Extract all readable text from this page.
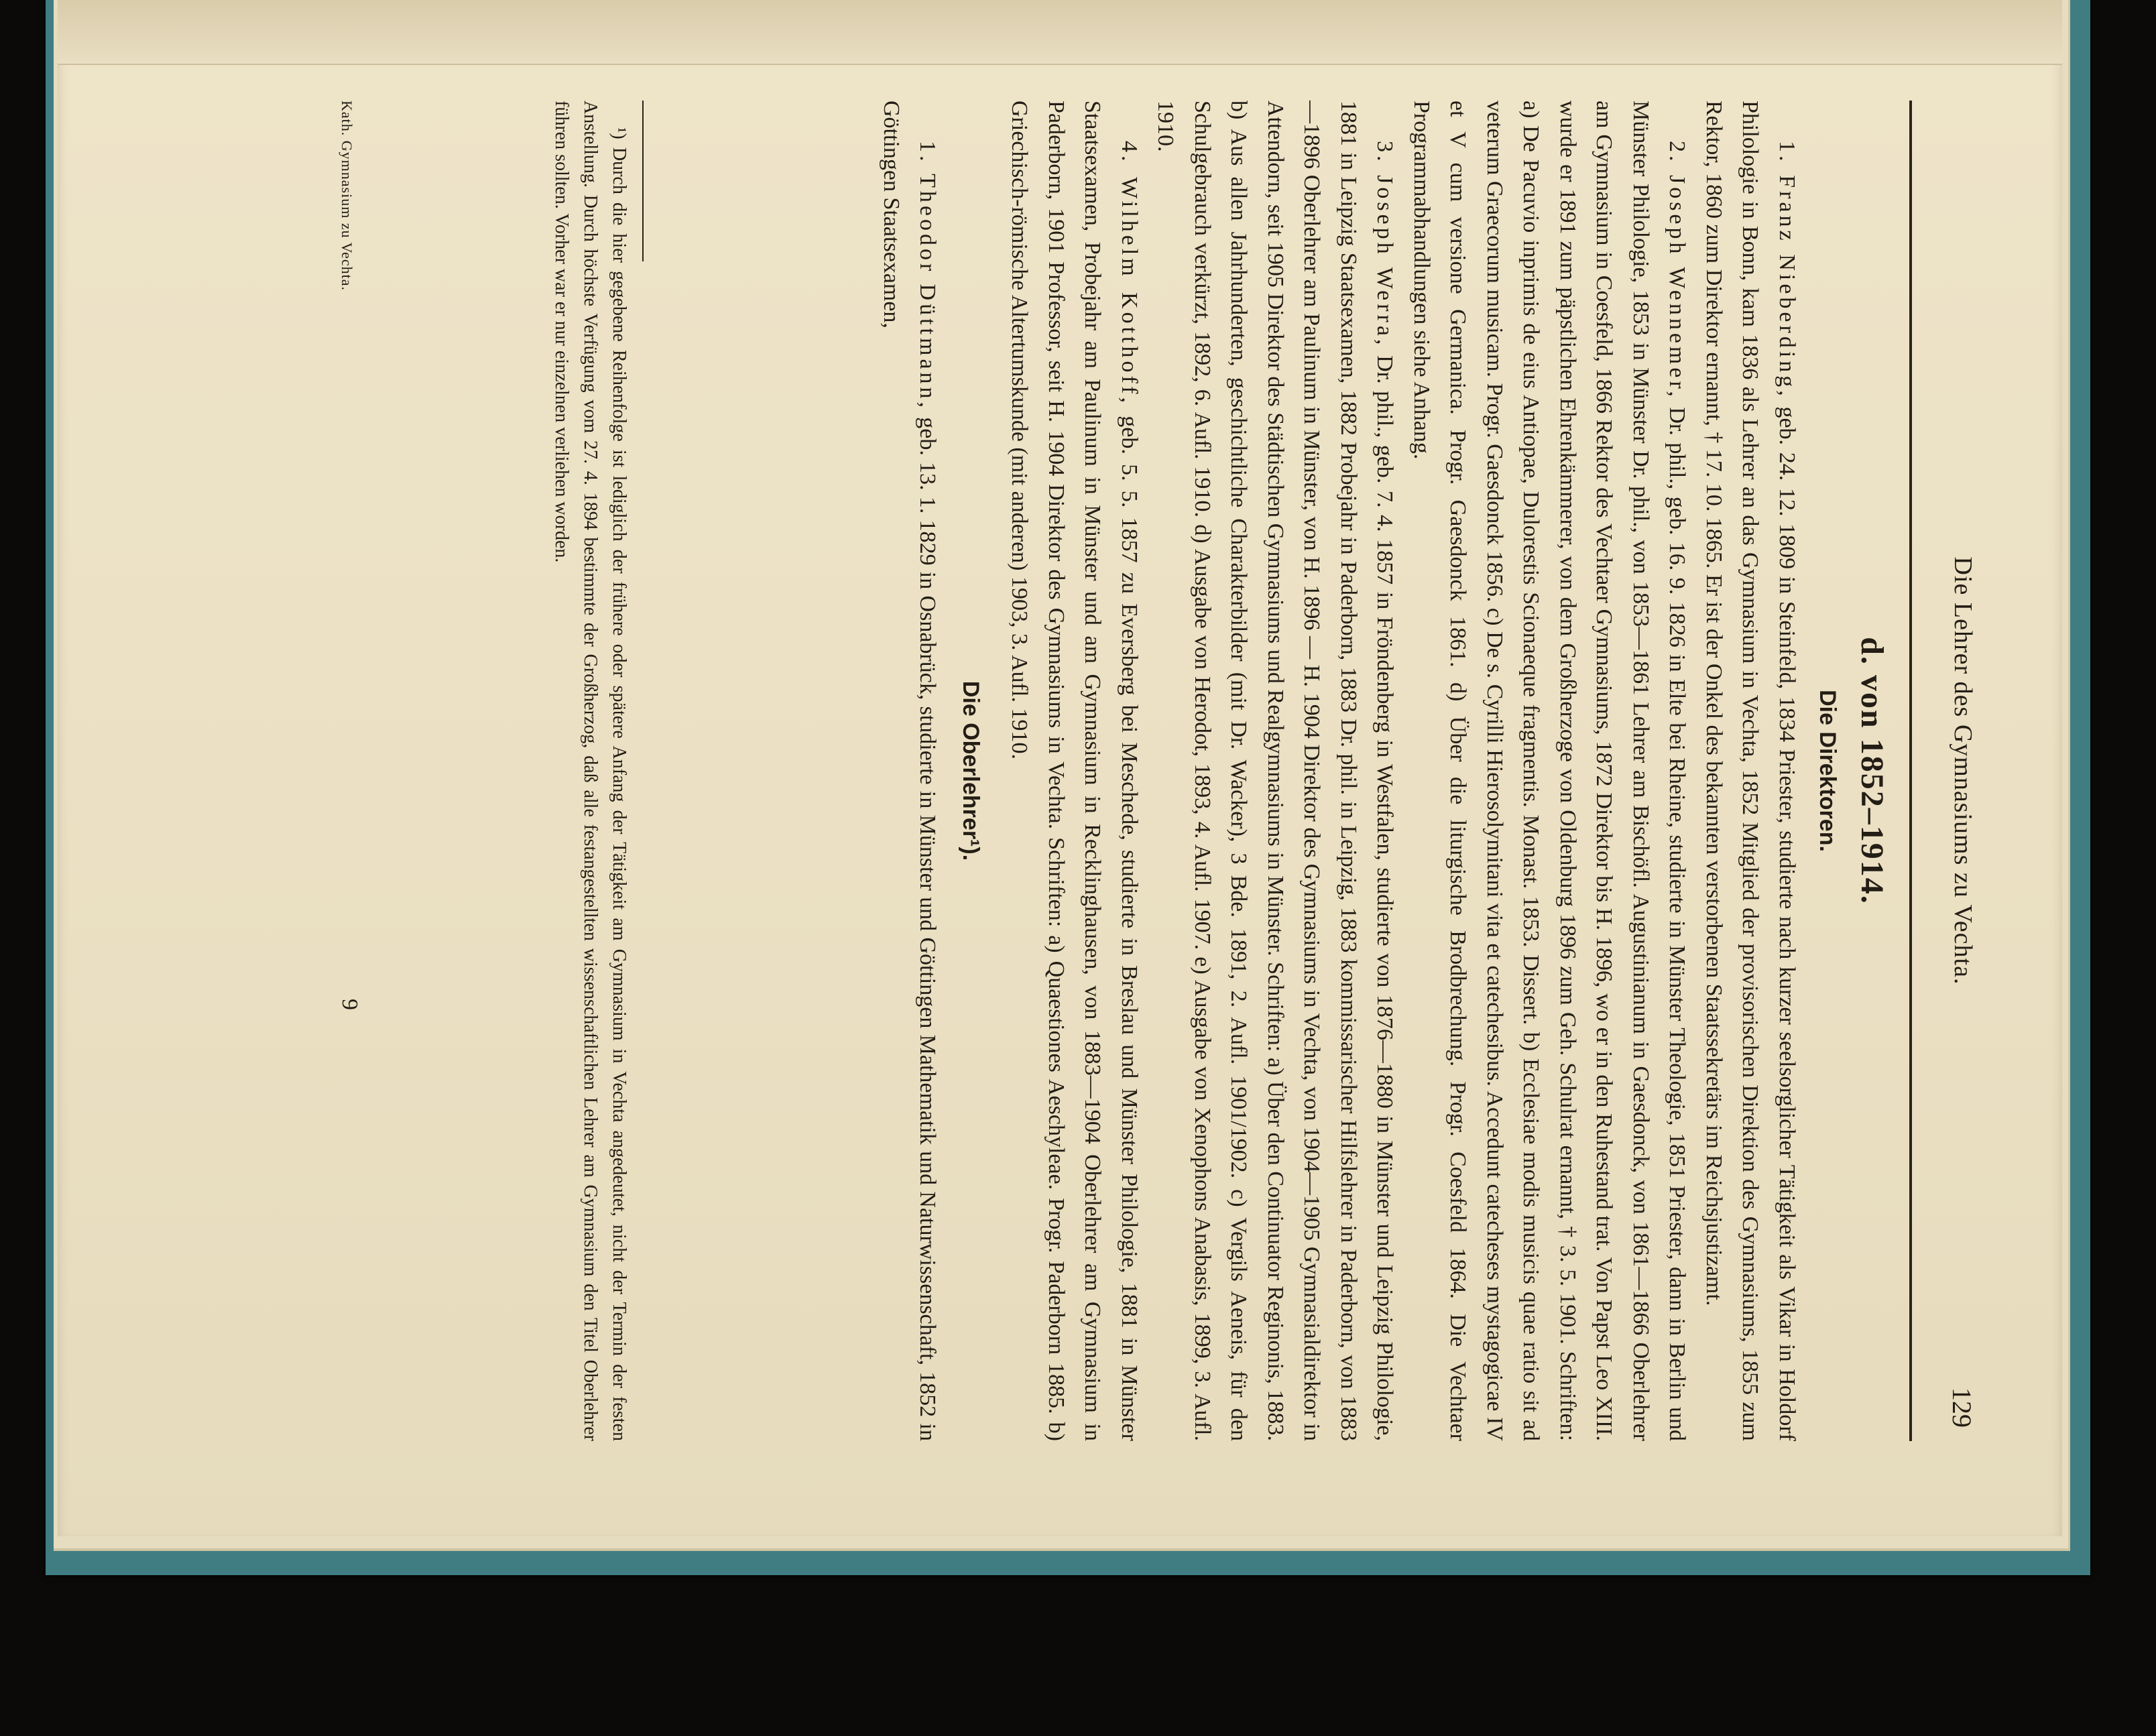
Die Lehrer des Gymnasiums zu Vechta.
129
d. von 1852–1914.
Die Direktoren.

1. Franz Nieberding, geb. 24. 12. 1809 in Steinfeld, 1834 Priester, studierte nach kurzer seelsorglicher Tätigkeit als Vikar in Holdorf Philologie in Bonn, kam 1836 als Lehrer an das Gymnasium in Vechta, 1852 Mitglied der provisorischen Direktion des Gymnasiums, 1855 zum Rektor, 1860 zum Direktor ernannt, † 17. 10. 1865. Er ist der Onkel des bekannten verstorbenen Staatssekretärs im Reichsjustizamt.

2. Joseph Wennemer, Dr. phil., geb. 16. 9. 1826 in Elte bei Rheine, studierte in Münster Theologie, 1851 Priester, dann in Berlin und Münster Philologie, 1853 in Münster Dr. phil., von 1853—1861 Lehrer am Bischöfl. Augustinianum in Gaesdonck, von 1861—1866 Oberlehrer am Gymnasium in Coesfeld, 1866 Rektor des Vechtaer Gymnasiums, 1872 Direktor bis H. 1896, wo er in den Ruhestand trat. Von Papst Leo XIII. wurde er 1891 zum päpstlichen Ehrenkämmerer, von dem Großherzoge von Oldenburg 1896 zum Geh. Schulrat ernannt, † 3. 5. 1901. Schriften: a) De Pacuvio inprimis de eius Antiopae, Dulorestis Scionaeque fragmentis. Monast. 1853. Dissert. b) Ecclesiae modis musicis quae ratio sit ad veterum Graecorum musicam. Progr. Gaesdonck 1856. c) De s. Cyrilli Hierosolymitani vita et catechesibus. Accedunt catecheses mystagogicae IV et V cum versione Germanica. Progr. Gaesdonck 1861. d) Über die liturgische Brodbrechung. Progr. Coesfeld 1864. Die Vechtaer Programmabhandlungen siehe Anhang.

3. Joseph Werra, Dr. phil., geb. 7. 4. 1857 in Fröndenberg in Westfalen, studierte von 1876—1880 in Münster und Leipzig Philologie, 1881 in Leipzig Staatsexamen, 1882 Probejahr in Paderborn, 1883 Dr. phil. in Leipzig, 1883 kommissarischer Hilfslehrer in Paderborn, von 1883—1896 Oberlehrer am Paulinum in Münster, von H. 1896 — H. 1904 Direktor des Gymnasiums in Vechta, von 1904—1905 Gymnasialdirektor in Attendorn, seit 1905 Direktor des Städtischen Gymnasiums und Realgymnasiums in Münster. Schriften: a) Über den Continuator Reginonis, 1883. b) Aus allen Jahrhunderten, geschichtliche Charakterbilder (mit Dr. Wacker), 3 Bde. 1891, 2. Aufl. 1901/1902. c) Vergils Aeneis, für den Schulgebrauch verkürzt, 1892, 6. Aufl. 1910. d) Ausgabe von Herodot, 1893, 4. Aufl. 1907. e) Ausgabe von Xenophons Anabasis, 1899, 3. Aufl. 1910.

4. Wilhelm Kotthoff, geb. 5. 5. 1857 zu Eversberg bei Meschede, studierte in Breslau und Münster Philologie, 1881 in Münster Staatsexamen, Probejahr am Paulinum in Münster und am Gymnasium in Recklinghausen, von 1883—1904 Oberlehrer am Gymnasium in Paderborn, 1901 Professor, seit H. 1904 Direktor des Gymnasiums in Vechta. Schriften: a) Quaestiones Aeschyleae. Progr. Paderborn 1885. b) Griechisch-römische Altertumskunde (mit anderen) 1903, 3. Aufl. 1910.

Die Oberlehrer¹).

1. Theodor Düttmann, geb. 13. 1. 1829 in Osnabrück, studierte in Münster und Göttingen Mathematik und Naturwissenschaft, 1852 in Göttingen Staatsexamen,

¹) Durch die hier gegebene Reihenfolge ist lediglich der frühere oder spätere Anfang der Tätigkeit am Gymnasium in Vechta angedeutet, nicht der Termin der festen Anstellung. Durch höchste Verfügung vom 27. 4. 1894 bestimmte der Großherzog, daß alle festangestellten wissenschaftlichen Lehrer am Gymnasium den Titel Oberlehrer führen sollten. Vorher war er nur einzelnen verliehen worden.
Kath. Gymnasium zu Vechta.
9
